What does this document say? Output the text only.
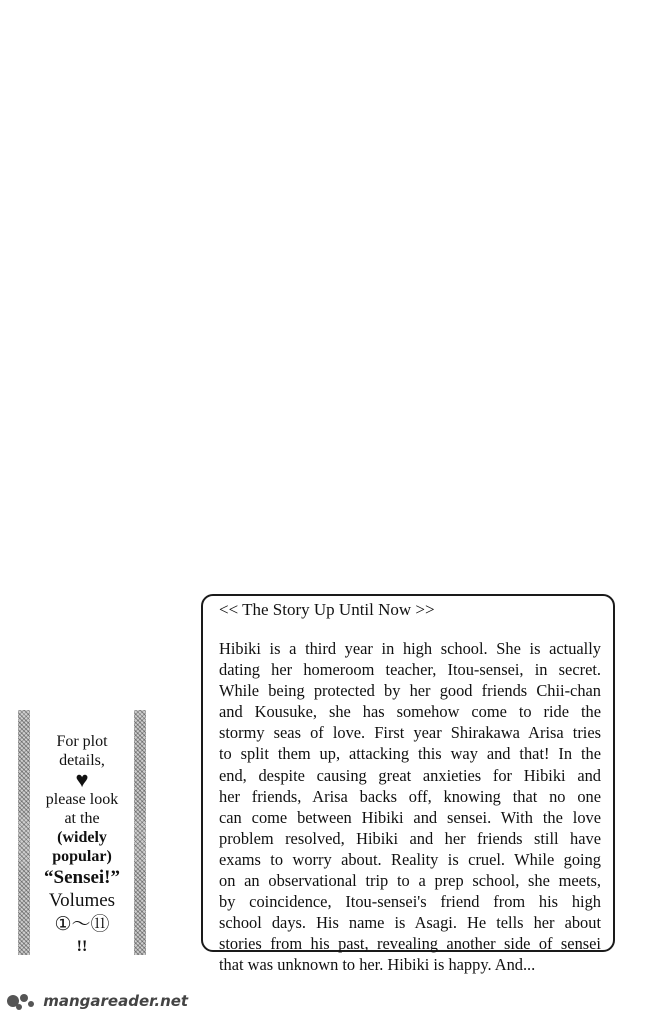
<< The Story Up Until Now >>
Hibiki is a third year in high school. She is actually
dating her homeroom teacher, Itou-sensei, in secret.
While being protected by her good friends Chii-chan
and Kousuke, she has somehow come to ride the
stormy seas of love. First year Shirakawa Arisa tries
to split them up, attacking this way and that! In the
end, despite causing great anxieties for Hibiki and
her friends, Arisa backs off, knowing that no one
can come between Hibiki and sensei. With the love
problem resolved, Hibiki and her friends still have
exams to worry about. Reality is cruel. While going
on an observational trip to a prep school, she meets,
by coincidence, Itou-sensei's friend from his high
school days. His name is Asagi. He tells her about
stories from his past, revealing another side of sensei
that was unknown to her. Hibiki is happy. And...
For plot
details,
♥
please look
at the
(widely
popular)
“Sensei!”
Volumes
①～⑪
!!
mangareader.net
